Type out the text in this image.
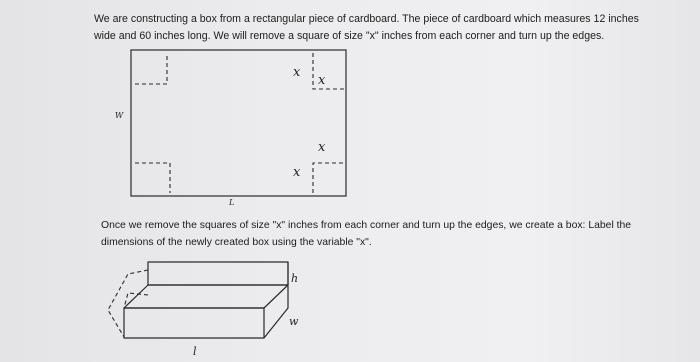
We are constructing a box from a rectangular piece of cardboard. The piece of cardboard which measures 12 inches wide and 60 inches long. We will remove a square of size "x" inches from each corner and turn up the edges.

W
L
x
x
x
x

Once we remove the squares of size "x" inches from each corner and turn up the edges, we create a box: Label the dimensions of the newly created box using the variable "x".

h
w
l
